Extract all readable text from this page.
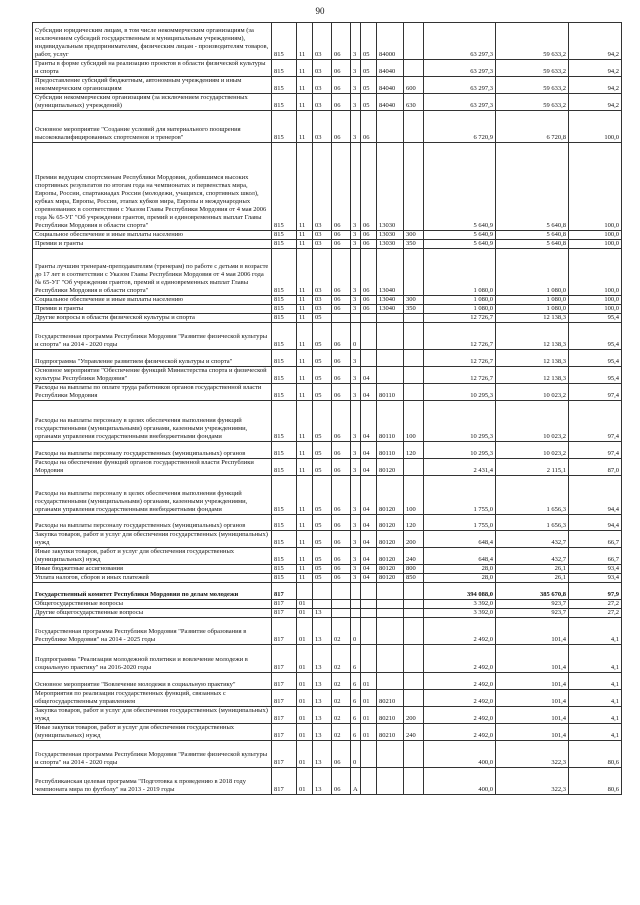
90
Субсидии юридическим лицам, в том числе некоммерческим организациям (за исключением субсидий государственным и муниципальным учреждениям), индивидуальным предпринимателям, физическим лицам - производителям товаров, работ, услуг	815	11	03	06	3	05	84000		63 297,3	59 633,2	94,2
Гранты в форме субсидий на реализацию проектов в области физической культуры и спорта	815	11	03	06	3	05	84040		63 297,3	59 633,2	94,2
Предоставление субсидий бюджетным, автономным учреждениям и иным некоммерческим организациям	815	11	03	06	3	05	84040	600	63 297,3	59 633,2	94,2
Субсидии некоммерческим организациям (за исключением государственных (муниципальных) учреждений)	815	11	03	06	3	05	84040	630	63 297,3	59 633,2	94,2
Основное мероприятие "Создание условий для материального поощрения высококвалифицированных спортсменов и тренеров"	815	11	03	06	3	06			6 720,9	6 720,8	100,0
Премии ведущим спортсменам Республики Мордовия, добившимся высоких спортивных результатов по итогам года на чемпионатах и первенствах мира, Европы, России, спартакиадах России (молодежи, учащихся, спортивных школ), кубках мира, Европы, России, этапах кубков мира, Европы и международных соревнованиях в соответствии с Указом Главы Республики Мордовия от 4 мая 2006 года № 65-УГ "Об учреждении грантов, премий и единовременных выплат Главы Республики Мордовия в области спорта"	815	11	03	06	3	06	13030		5 640,9	5 640,8	100,0
Социальное обеспечение и иные выплаты населению	815	11	03	06	3	06	13030	300	5 640,9	5 640,8	100,0
Премии и гранты	815	11	03	06	3	06	13030	350	5 640,9	5 640,8	100,0
Гранты лучшим тренерам-преподавателям (тренерам) по работе с детьми в возрасте до 17 лет в соответствии с Указом Главы Республики Мордовия от 4 мая 2006 года № 65-УГ "Об учреждении грантов, премий и единовременных выплат Главы Республики Мордовия в области спорта"	815	11	03	06	3	06	13040		1 080,0	1 080,0	100,0
Социальное обеспечение и иные выплаты населению	815	11	03	06	3	06	13040	300	1 080,0	1 080,0	100,0
Премии и гранты	815	11	03	06	3	06	13040	350	1 080,0	1 080,0	100,0
Другие вопросы в области физической культуры и спорта	815	11	05						12 726,7	12 138,3	95,4
Государственная программа Республики Мордовия "Развитие физической культуры и спорта" на 2014 - 2020 годы	815	11	05	06	0				12 726,7	12 138,3	95,4
Подпрограмма "Управление развитием физической культуры и спорта"	815	11	05	06	3				12 726,7	12 138,3	95,4
Основное мероприятие "Обеспечение функций Министерства спорта и физической культуры Республики Мордовия"	815	11	05	06	3	04			12 726,7	12 138,3	95,4
Расходы на выплаты по оплате труда работников органов государственной власти Республики Мордовия	815	11	05	06	3	04	80110		10 295,3	10 023,2	97,4
Расходы на выплаты персоналу в целях обеспечения выполнения функций государственными (муниципальными) органами, казенными учреждениями, органами управления государственными внебюджетными фондами	815	11	05	06	3	04	80110	100	10 295,3	10 023,2	97,4
Расходы на выплаты персоналу государственных (муниципальных) органов	815	11	05	06	3	04	80110	120	10 295,3	10 023,2	97,4
Расходы на обеспечение функций органов государственной власти Республики Мордовия	815	11	05	06	3	04	80120		2 431,4	2 115,1	87,0
Расходы на выплаты персоналу в целях обеспечения выполнения функций государственными (муниципальными) органами, казенными учреждениями, органами управления государственными внебюджетными фондами	815	11	05	06	3	04	80120	100	1 755,0	1 656,3	94,4
Расходы на выплаты персоналу государственных (муниципальных) органов	815	11	05	06	3	04	80120	120	1 755,0	1 656,3	94,4
Закупка товаров, работ и услуг для обеспечения государственных (муниципальных) нужд	815	11	05	06	3	04	80120	200	648,4	432,7	66,7
Иные закупки товаров, работ и услуг для обеспечения государственных (муниципальных) нужд	815	11	05	06	3	04	80120	240	648,4	432,7	66,7
Иные бюджетные ассигнования	815	11	05	06	3	04	80120	800	28,0	26,1	93,4
Уплата налогов, сборов и иных платежей	815	11	05	06	3	04	80120	850	28,0	26,1	93,4
Государственный комитет Республики Мордовия по делам молодежи	817								394 088,0	385 670,8	97,9
Общегосударственные вопросы	817	01							3 392,0	923,7	27,2
Другие общегосударственные вопросы	817	01	13						3 392,0	923,7	27,2
Государственная программа Республики Мордовия "Развитие образования в Республике Мордовия" на 2014 - 2025 годы	817	01	13	02	0				2 492,0	101,4	4,1
Подпрограмма "Реализация молодежной политики и вовлечение молодежи в социальную практику" на 2016-2020 годы	817	01	13	02	6				2 492,0	101,4	4,1
Основное мероприятие "Вовлечение молодежи в социальную практику"	817	01	13	02	6	01			2 492,0	101,4	4,1
Мероприятия по реализации государственных функций, связанных с общегосударственным управлением	817	01	13	02	6	01	80210		2 492,0	101,4	4,1
Закупка товаров, работ и услуг для обеспечения государственных (муниципальных) нужд	817	01	13	02	6	01	80210	200	2 492,0	101,4	4,1
Иные закупки товаров, работ и услуг для обеспечения государственных (муниципальных) нужд	817	01	13	02	6	01	80210	240	2 492,0	101,4	4,1
Государственная программа Республики Мордовия "Развитие физической культуры и спорта" на 2014 - 2020 годы	817	01	13	06	0				400,0	322,3	80,6
Республиканская целевая программа "Подготовка к проведению в 2018 году чемпионата мира по футболу" на 2013 - 2019 годы	817	01	13	06	А				400,0	322,3	80,6
